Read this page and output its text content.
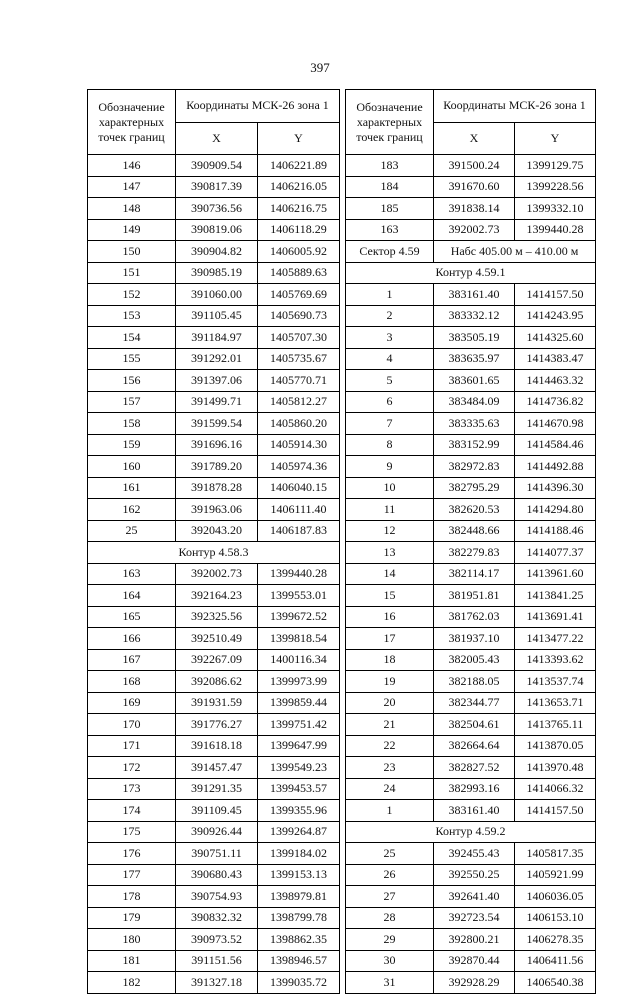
397
Обозначение характерных точек границ	Координаты МСК-26 зона 1	
	X	Y
146	390909.54	1406221.89
147	390817.39	1406216.05
148	390736.56	1406216.75
149	390819.06	1406118.29
150	390904.82	1406005.92
151	390985.19	1405889.63
152	391060.00	1405769.69
153	391105.45	1405690.73
154	391184.97	1405707.30
155	391292.01	1405735.67
156	391397.06	1405770.71
157	391499.71	1405812.27
158	391599.54	1405860.20
159	391696.16	1405914.30
160	391789.20	1405974.36
161	391878.28	1406040.15
162	391963.06	1406111.40
25	392043.20	1406187.83
Контур 4.58.3		
163	392002.73	1399440.28
164	392164.23	1399553.01
165	392325.56	1399672.52
166	392510.49	1399818.54
167	392267.09	1400116.34
168	392086.62	1399973.99
169	391931.59	1399859.44
170	391776.27	1399751.42
171	391618.18	1399647.99
172	391457.47	1399549.23
173	391291.35	1399453.57
174	391109.45	1399355.96
175	390926.44	1399264.87
176	390751.11	1399184.02
177	390680.43	1399153.13
178	390754.93	1398979.81
179	390832.32	1398799.78
180	390973.52	1398862.35
181	391151.56	1398946.57
182	391327.18	1399035.72
Обозначение характерных точек границ	Координаты МСК-26 зона 1	
	X	Y
183	391500.24	1399129.75
184	391670.60	1399228.56
185	391838.14	1399332.10
163	392002.73	1399440.28
Сектор 4.59	Набс 405.00 м – 410.00 м	
Контур 4.59.1		
1	383161.40	1414157.50
2	383332.12	1414243.95
3	383505.19	1414325.60
4	383635.97	1414383.47
5	383601.65	1414463.32
6	383484.09	1414736.82
7	383335.63	1414670.98
8	383152.99	1414584.46
9	382972.83	1414492.88
10	382795.29	1414396.30
11	382620.53	1414294.80
12	382448.66	1414188.46
13	382279.83	1414077.37
14	382114.17	1413961.60
15	381951.81	1413841.25
16	381762.03	1413691.41
17	381937.10	1413477.22
18	382005.43	1413393.62
19	382188.05	1413537.74
20	382344.77	1413653.71
21	382504.61	1413765.11
22	382664.64	1413870.05
23	382827.52	1413970.48
24	382993.16	1414066.32
1	383161.40	1414157.50
Контур 4.59.2		
25	392455.43	1405817.35
26	392550.25	1405921.99
27	392641.40	1406036.05
28	392723.54	1406153.10
29	392800.21	1406278.35
30	392870.44	1406411.56
31	392928.29	1406540.38
